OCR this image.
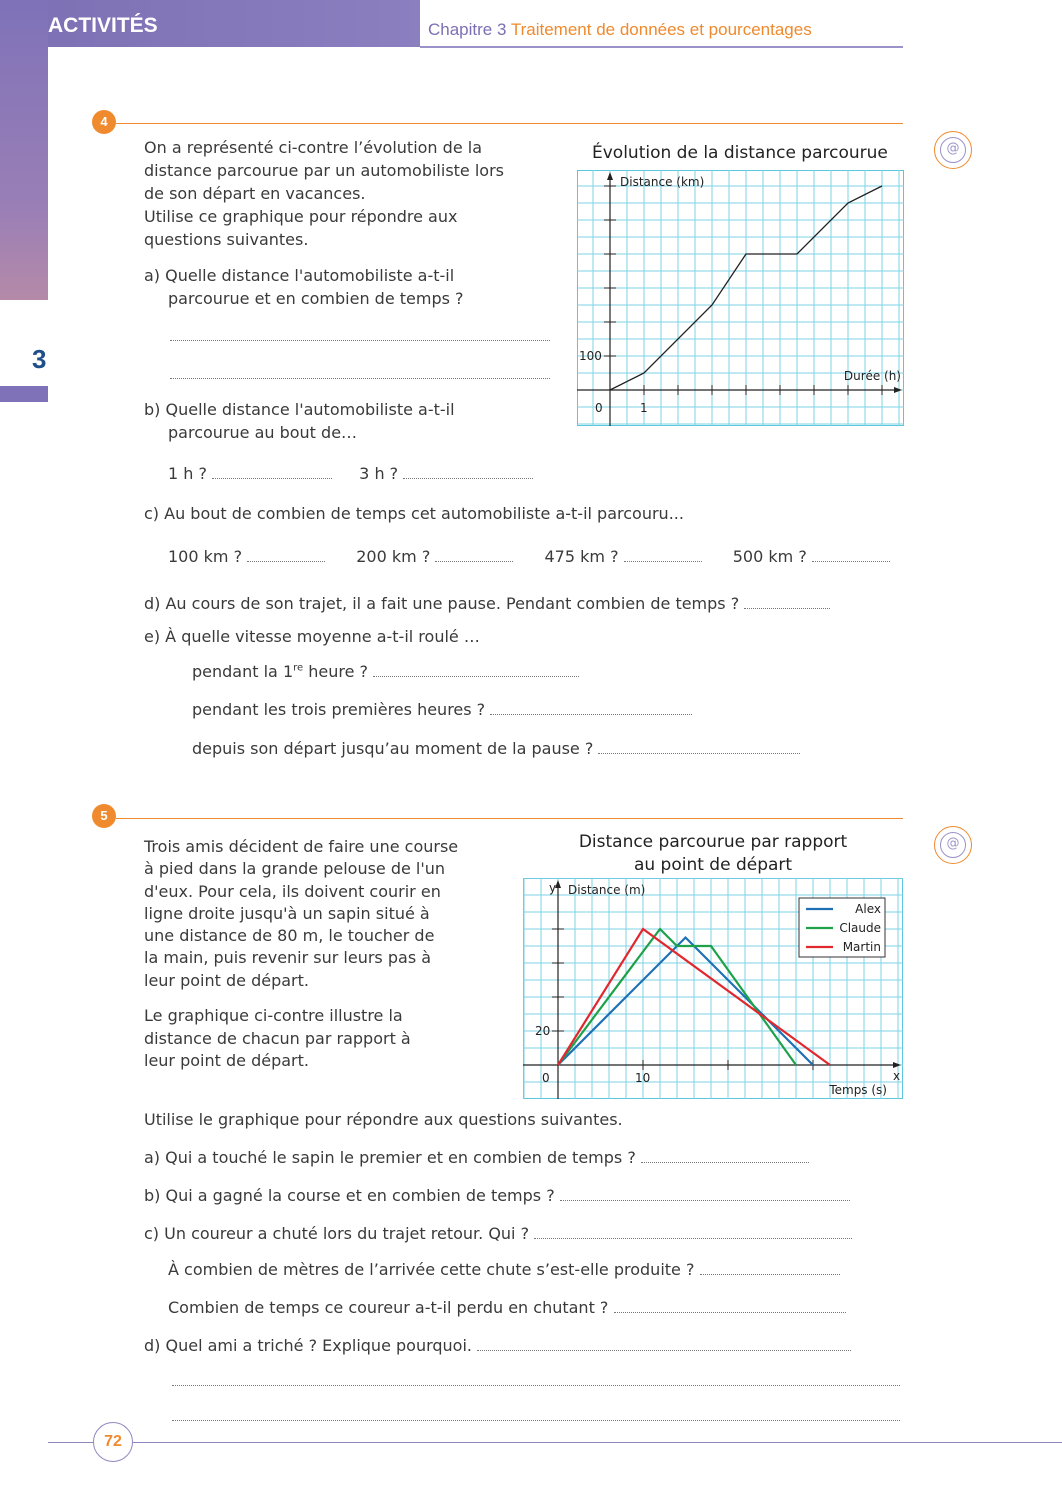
ACTIVITÉS	Chapitre 3 Traitement de données et pourcentages
3
4
@
On a représenté ci-contre l’évolution de la
distance parcourue par un automobiliste lors
de son départ en vacances.
Utilise ce graphique pour répondre aux
questions suivantes.
a) Quelle distance l'automobiliste a-t-il
parcourue et en combien de temps ?
b) Quelle distance l'automobiliste a-t-il
parcourue au bout de…
1 h ?	3 h ?
c) Au bout de combien de temps cet automobiliste a-t-il parcouru...
100 km ?	200 km ?	475 km ?	500 km ?
d) Au cours de son trajet, il a fait une pause. Pendant combien de temps ?
e) À quelle vitesse moyenne a-t-il roulé …
pendant la 1re heure ?
pendant les trois premières heures ?
depuis son départ jusqu’au moment de la pause ?
Évolution de la distance parcourue
Distance (km)
0	1
100
Durée (h)
5
@
Trois amis décident de faire une course
à pied dans la grande pelouse de l'un
d'eux. Pour cela, ils doivent courir en
ligne droite jusqu'à un sapin situé à
une distance de 80 m, le toucher de
la main, puis revenir sur leurs pas à
leur point de départ.
Le graphique ci-contre illustre la
distance de chacun par rapport à
leur point de départ.
Distance parcourue par rapport
au point de départ
Distance (m)
y
x
0	10
20
Temps (s)
Alex
Claude
Martin
Utilise le graphique pour répondre aux questions suivantes.
a) Qui a touché le sapin le premier et en combien de temps ?
b) Qui a gagné la course et en combien de temps ?
c) Un coureur a chuté lors du trajet retour. Qui ?
À combien de mètres de l’arrivée cette chute s’est-elle produite ?
Combien de temps ce coureur a-t-il perdu en chutant ?
d) Quel ami a triché ? Explique pourquoi.
72
